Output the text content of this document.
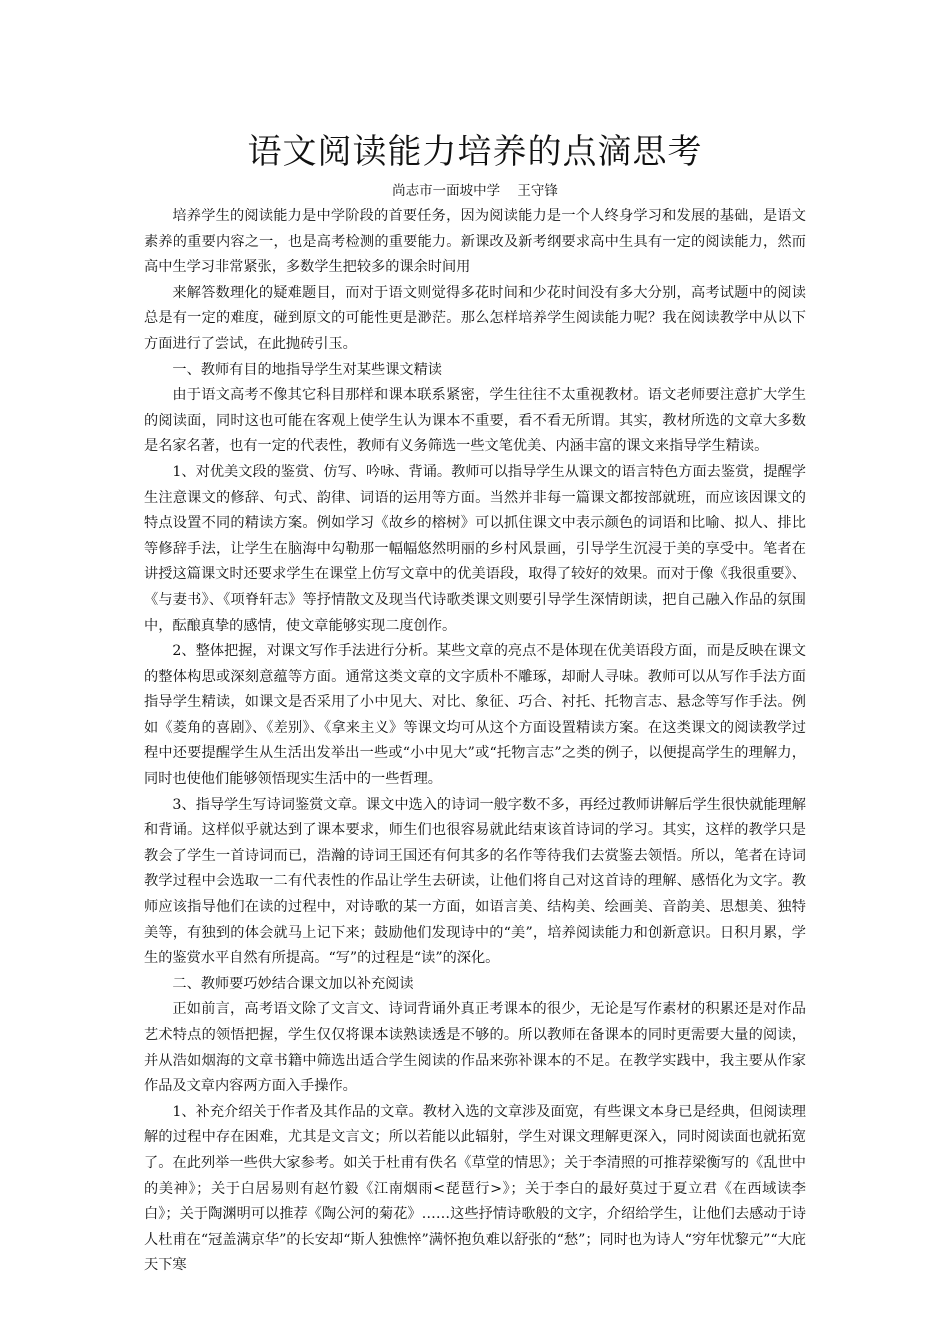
语文阅读能力培养的点滴思考
尚志市一面坡中学    王守锋

培养学生的阅读能力是中学阶段的首要任务，因为阅读能力是一个人终身学习和发展的基础，是语文素养的重要内容之一，也是高考检测的重要能力。新课改及新考纲要求高中生具有一定的阅读能力，然而高中生学习非常紧张，多数学生把较多的课余时间用

来解答数理化的疑难题目，而对于语文则觉得多花时间和少花时间没有多大分别，高考试题中的阅读总是有一定的难度，碰到原文的可能性更是渺茫。那么怎样培养学生阅读能力呢？我在阅读教学中从以下方面进行了尝试，在此抛砖引玉。

一、教师有目的地指导学生对某些课文精读

由于语文高考不像其它科目那样和课本联系紧密，学生往往不太重视教材。语文老师要注意扩大学生的阅读面，同时这也可能在客观上使学生认为课本不重要，看不看无所谓。其实，教材所选的文章大多数是名家名著，也有一定的代表性，教师有义务筛选一些文笔优美、内涵丰富的课文来指导学生精读。

1、对优美文段的鉴赏、仿写、吟咏、背诵。教师可以指导学生从课文的语言特色方面去鉴赏，提醒学生注意课文的修辞、句式、韵律、词语的运用等方面。当然并非每一篇课文都按部就班，而应该因课文的特点设置不同的精读方案。例如学习《故乡的榕树》可以抓住课文中表示颜色的词语和比喻、拟人、排比等修辞手法，让学生在脑海中勾勒那一幅幅悠然明丽的乡村风景画，引导学生沉浸于美的享受中。笔者在讲授这篇课文时还要求学生在课堂上仿写文章中的优美语段，取得了较好的效果。而对于像《我很重要》、《与妻书》、《项脊轩志》等抒情散文及现当代诗歌类课文则要引导学生深情朗读，把自己融入作品的氛围中，酝酿真挚的感情，使文章能够实现二度创作。

2、整体把握，对课文写作手法进行分析。某些文章的亮点不是体现在优美语段方面，而是反映在课文的整体构思或深刻意蕴等方面。通常这类文章的文字质朴不雕琢，却耐人寻味。教师可以从写作手法方面指导学生精读，如课文是否采用了小中见大、对比、象征、巧合、衬托、托物言志、悬念等写作手法。例如《菱角的喜剧》、《差别》、《拿来主义》等课文均可从这个方面设置精读方案。在这类课文的阅读教学过程中还要提醒学生从生活出发举出一些或“小中见大”或“托物言志”之类的例子，以便提高学生的理解力，同时也使他们能够领悟现实生活中的一些哲理。

3、指导学生写诗词鉴赏文章。课文中选入的诗词一般字数不多，再经过教师讲解后学生很快就能理解和背诵。这样似乎就达到了课本要求，师生们也很容易就此结束该首诗词的学习。其实，这样的教学只是教会了学生一首诗词而已，浩瀚的诗词王国还有何其多的名作等待我们去赏鉴去领悟。所以，笔者在诗词教学过程中会选取一二有代表性的作品让学生去研读，让他们将自己对这首诗的理解、感悟化为文字。教师应该指导他们在读的过程中，对诗歌的某一方面，如语言美、结构美、绘画美、音韵美、思想美、独特美等，有独到的体会就马上记下来；鼓励他们发现诗中的“美”，培养阅读能力和创新意识。日积月累，学生的鉴赏水平自然有所提高。“写”的过程是“读”的深化。

二、教师要巧妙结合课文加以补充阅读

正如前言，高考语文除了文言文、诗词背诵外真正考课本的很少，无论是写作素材的积累还是对作品艺术特点的领悟把握，学生仅仅将课本读熟读透是不够的。所以教师在备课本的同时更需要大量的阅读，并从浩如烟海的文章书籍中筛选出适合学生阅读的作品来弥补课本的不足。在教学实践中，我主要从作家作品及文章内容两方面入手操作。

1、补充介绍关于作者及其作品的文章。教材入选的文章涉及面宽，有些课文本身已是经典，但阅读理解的过程中存在困难，尤其是文言文；所以若能以此辐射，学生对课文理解更深入，同时阅读面也就拓宽了。在此列举一些供大家参考。如关于杜甫有佚名《草堂的情思》；关于李清照的可推荐梁衡写的《乱世中的美神》；关于白居易则有赵竹毅《江南烟雨<琵琶行>》；关于李白的最好莫过于夏立君《在西域读李白》；关于陶渊明可以推荐《陶公河的菊花》……这些抒情诗歌般的文字，介绍给学生，让他们去感动于诗人杜甫在“冠盖满京华”的长安却“斯人独憔悴”满怀抱负难以舒张的“愁”；同时也为诗人“穷年忧黎元”“大庇天下寒
